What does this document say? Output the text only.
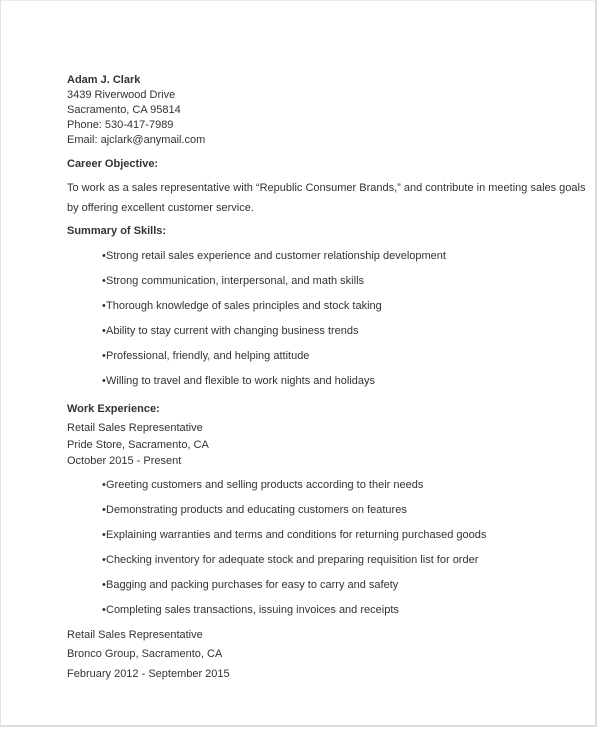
Adam J. Clark
3439 Riverwood Drive
Sacramento, CA 95814
Phone: 530-417-7989
Email: ajclark@anymail.com
Career Objective:
To work as a sales representative with “Republic Consumer Brands,” and contribute in meeting sales goals
by offering excellent customer service.
Summary of Skills:
•Strong retail sales experience and customer relationship development
•Strong communication, interpersonal, and math skills
•Thorough knowledge of sales principles and stock taking
•Ability to stay current with changing business trends
•Professional, friendly, and helping attitude
•Willing to travel and flexible to work nights and holidays
Work Experience:
Retail Sales Representative
Pride Store, Sacramento, CA
October 2015 - Present
•Greeting customers and selling products according to their needs
•Demonstrating products and educating customers on features
•Explaining warranties and terms and conditions for returning purchased goods
•Checking inventory for adequate stock and preparing requisition list for order
•Bagging and packing purchases for easy to carry and safety
•Completing sales transactions, issuing invoices and receipts
Retail Sales Representative
Bronco Group, Sacramento, CA
February 2012 - September 2015
